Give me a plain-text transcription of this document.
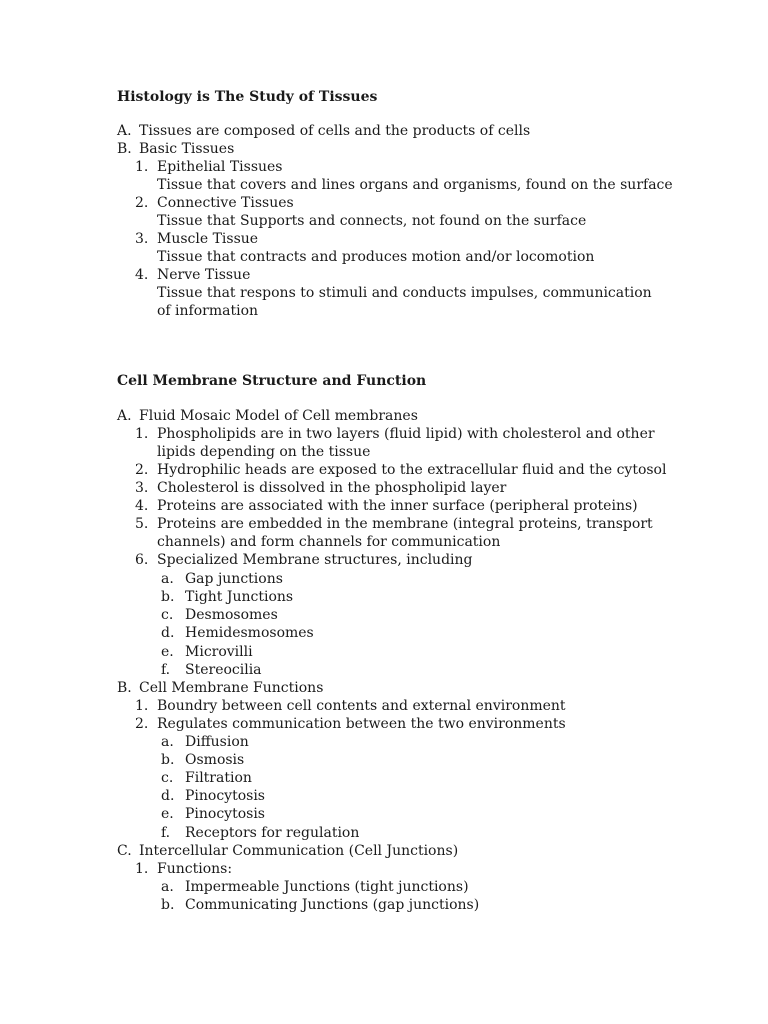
Histology is The Study of Tissues
A. Tissues are composed of cells and the products of cells
B. Basic Tissues
1. Epithelial Tissues
Tissue that covers and lines organs and organisms, found on the surface
2. Connective Tissues
Tissue that Supports and connects, not found on the surface
3. Muscle Tissue
Tissue that contracts and produces motion and/or locomotion
4. Nerve Tissue
Tissue that respons to stimuli and conducts impulses, communication
of information
Cell Membrane Structure and Function
A. Fluid Mosaic Model of Cell membranes
1. Phospholipids are in two layers (fluid lipid) with cholesterol and other
lipids depending on the tissue
2. Hydrophilic heads are exposed to the extracellular fluid and the cytosol
3. Cholesterol is dissolved in the phospholipid layer
4. Proteins are associated with the inner surface (peripheral proteins)
5. Proteins are embedded in the membrane (integral proteins, transport
channels) and form channels for communication
6. Specialized Membrane structures, including
a. Gap junctions
b. Tight Junctions
c. Desmosomes
d. Hemidesmosomes
e. Microvilli
f. Stereocilia
B. Cell Membrane Functions
1. Boundry between cell contents and external environment
2. Regulates communication between the two environments
a. Diffusion
b. Osmosis
c. Filtration
d. Pinocytosis
e. Pinocytosis
f. Receptors for regulation
C. Intercellular Communication (Cell Junctions)
1. Functions:
a. Impermeable Junctions (tight junctions)
b. Communicating Junctions (gap junctions)
